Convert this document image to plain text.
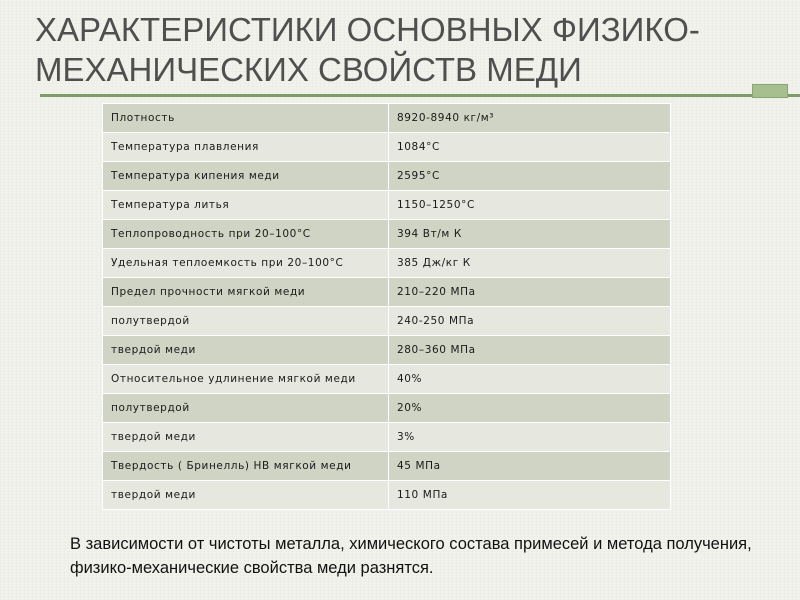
ХАРАКТЕРИСТИКИ ОСНОВНЫХ ФИЗИКО-МЕХАНИЧЕСКИХ СВОЙСТВ МЕДИ
Плотность	8920-8940 кг/м³
Температура плавления	1084°C
Температура кипения меди	2595°C
Температура литья	1150–1250°C
Теплопроводность при 20–100°C	394 Вт/м К
Удельная теплоемкость при 20–100°C	385 Дж/кг К
Предел прочности мягкой меди	210–220 МПа
полутвердой	240-250 МПа
твердой меди	280–360 МПа
Относительное удлинение мягкой меди	40%
полутвердой	20%
твердой меди	3%
Твердость ( Бринелль) НВ мягкой меди	45 МПа
твердой меди	110 МПа
В зависимости от чистоты металла, химического состава примесей и метода получения, физико-механические свойства меди разнятся.
